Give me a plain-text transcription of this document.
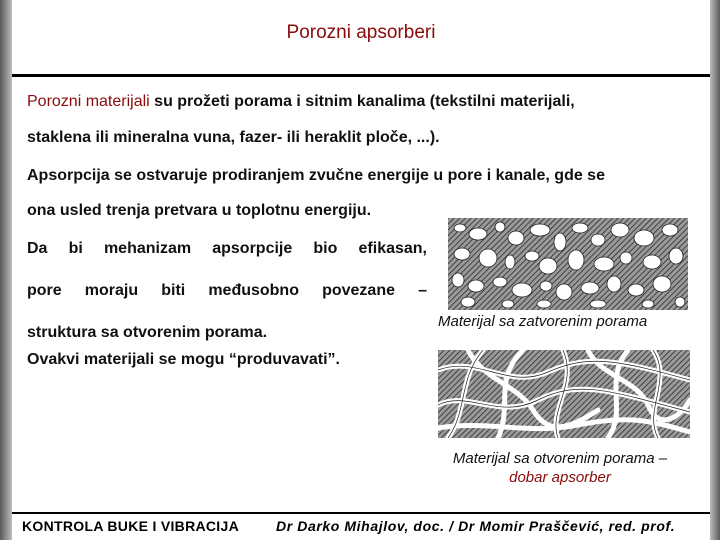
Porozni apsorberi
Porozni materijali su prožeti porama i sitnim kanalima (tekstilni materijali,
staklena ili mineralna vuna, fazer- ili heraklit ploče, ...).
Apsorpcija se ostvaruje prodiranjem zvučne energije u pore i kanale, gde se
ona usled trenja pretvara u toplotnu energiju.
Da bi mehanizam apsorpcije bio efikasan,
pore moraju biti međusobno povezane –
struktura sa otvorenim porama.
Ovakvi materijali se mogu “produvavati”.
Materijal sa zatvorenim porama
Materijal sa otvorenim porama –
dobar apsorber
KONTROLA BUKE I VIBRACIJA	Dr Darko Mihajlov, doc. / Dr Momir Praščević, red. prof.
